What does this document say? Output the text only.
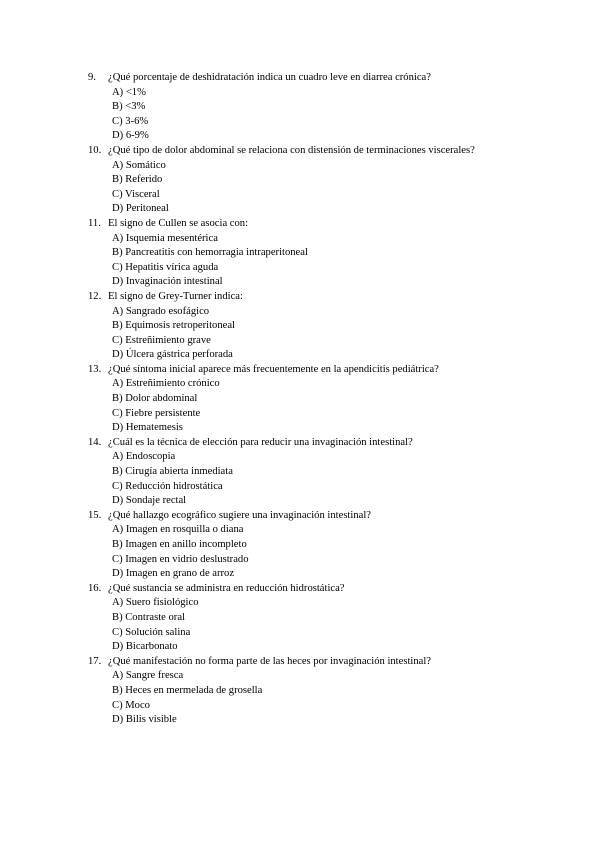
9.	¿Qué porcentaje de deshidratación indica un cuadro leve en diarrea crónica?
A) <1%
B) <3%
C) 3-6%
D) 6-9%
10. ¿Qué tipo de dolor abdominal se relaciona con distensión de terminaciones viscerales?
A) Somático
B) Referido
C) Visceral
D) Peritoneal
11. El signo de Cullen se asocia con:
A) Isquemia mesentérica
B) Pancreatitis con hemorragia intraperitoneal
C) Hepatitis vírica aguda
D) Invaginación intestinal
12. El signo de Grey-Turner indica:
A) Sangrado esofágico
B) Equimosis retroperitoneal
C) Estreñimiento grave
D) Úlcera gástrica perforada
13. ¿Qué síntoma inicial aparece más frecuentemente en la apendicitis pediátrica?
A) Estreñimiento crónico
B) Dolor abdominal
C) Fiebre persistente
D) Hematemesis
14. ¿Cuál es la técnica de elección para reducir una invaginación intestinal?
A) Endoscopia
B) Cirugía abierta inmediata
C) Reducción hidrostática
D) Sondaje rectal
15. ¿Qué hallazgo ecográfico sugiere una invaginación intestinal?
A) Imagen en rosquilla o diana
B) Imagen en anillo incompleto
C) Imagen en vidrio deslustrado
D) Imagen en grano de arroz
16. ¿Qué sustancia se administra en reducción hidrostática?
A) Suero fisiológico
B) Contraste oral
C) Solución salina
D) Bicarbonato
17. ¿Qué manifestación no forma parte de las heces por invaginación intestinal?
A) Sangre fresca
B) Heces en mermelada de grosella
C) Moco
D) Bilis visible
